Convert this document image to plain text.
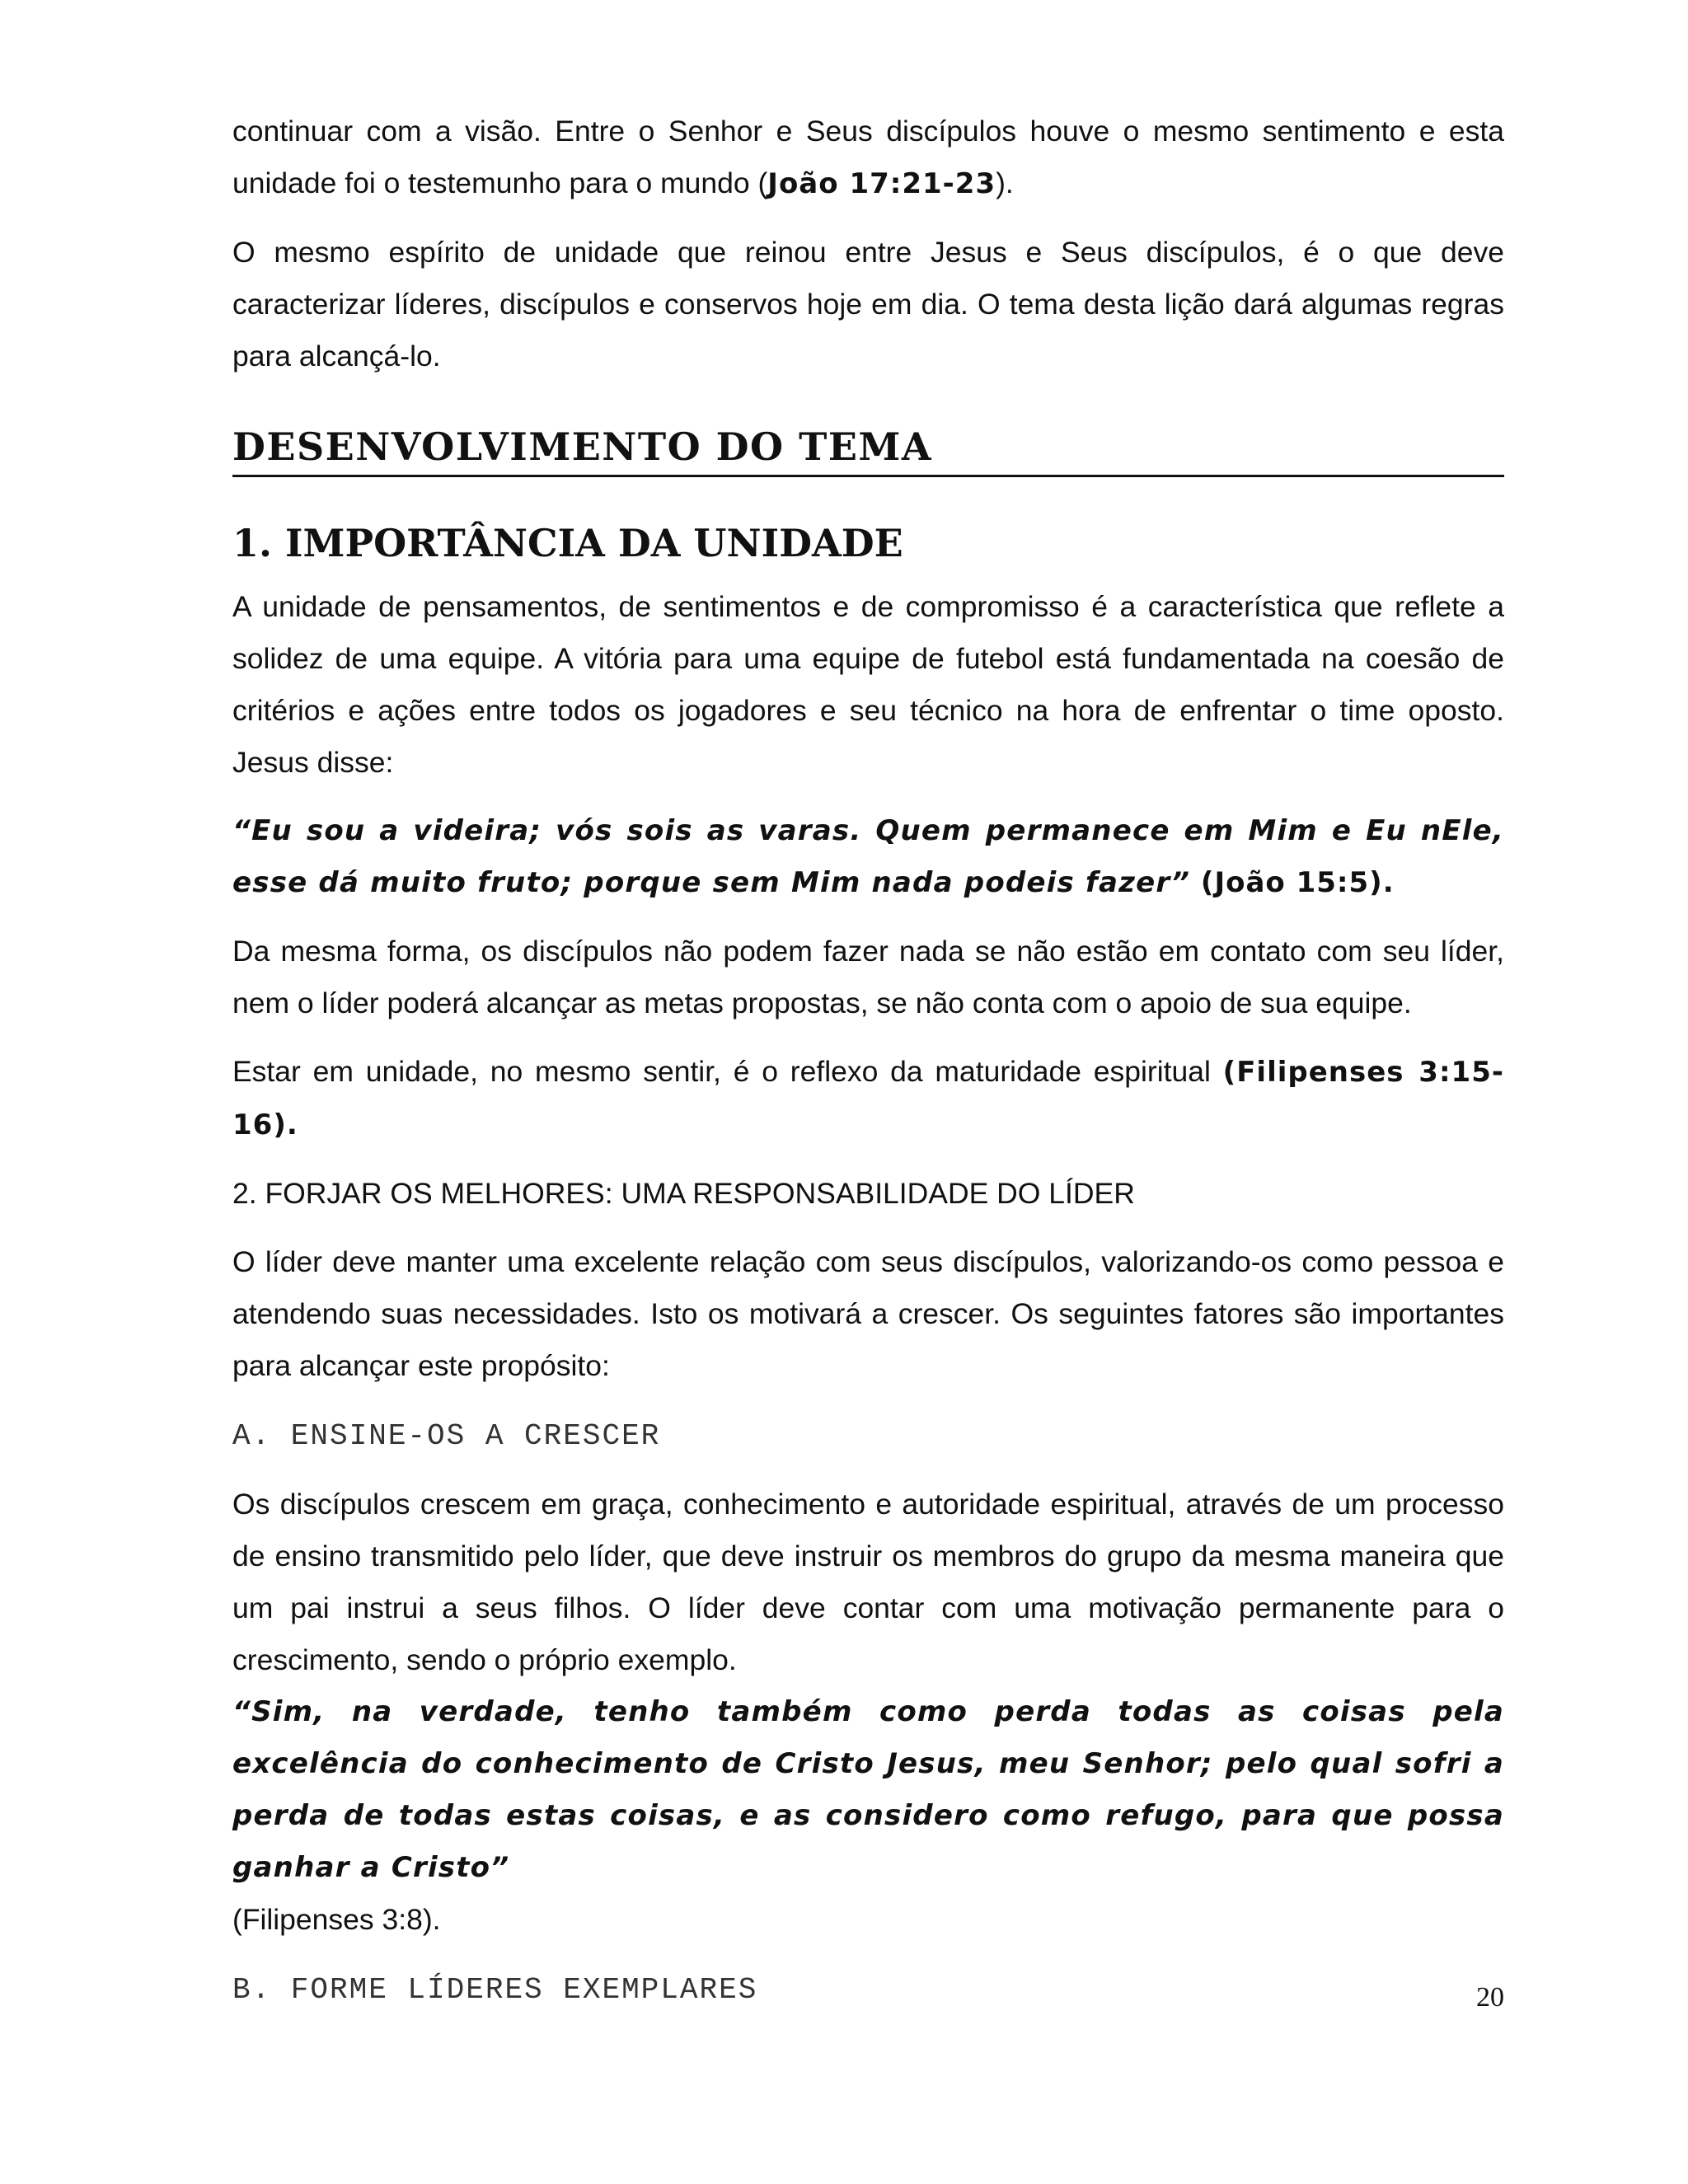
continuar com a visão. Entre o Senhor e Seus discípulos houve o mesmo sentimento e esta unidade foi o testemunho para o mundo (João 17:21-23).

O mesmo espírito de unidade que reinou entre Jesus e Seus discípulos, é o que deve caracterizar líderes, discípulos e conservos hoje em dia. O tema desta lição dará algumas regras para alcançá-lo.

DESENVOLVIMENTO DO TEMA
1. IMPORTÂNCIA DA UNIDADE

A unidade de pensamentos, de sentimentos e de compromisso é a característica que reflete a solidez de uma equipe. A vitória para uma equipe de futebol está fundamentada na coesão de critérios e ações entre todos os jogadores e seu técnico na hora de enfrentar o time oposto. Jesus disse:

“Eu sou a videira; vós sois as varas. Quem permanece em Mim e Eu nEle, esse dá muito fruto; porque sem Mim nada podeis fazer” (João 15:5).

Da mesma forma, os discípulos não podem fazer nada se não estão em contato com seu líder, nem o líder poderá alcançar as metas propostas, se não conta com o apoio de sua equipe.

Estar em unidade, no mesmo sentir, é o reflexo da maturidade espiritual (Filipenses 3:15-16).

2. FORJAR OS MELHORES: UMA RESPONSABILIDADE DO LÍDER

O líder deve manter uma excelente relação com seus discípulos, valorizando-os como pessoa e atendendo suas necessidades. Isto os motivará a crescer. Os seguintes fatores são importantes para alcançar este propósito:

A. ENSINE-OS A CRESCER

Os discípulos crescem em graça, conhecimento e autoridade espiritual, através de um processo de ensino transmitido pelo líder, que deve instruir os membros do grupo da mesma maneira que um pai instrui a seus filhos. O líder deve contar com uma motivação permanente para o crescimento, sendo o próprio exemplo.

“Sim, na verdade, tenho também como perda todas as coisas pela excelência do conhecimento de Cristo Jesus, meu Senhor; pelo qual sofri a perda de todas estas coisas, e as considero como refugo, para que possa ganhar a Cristo”

(Filipenses 3:8).

B. FORME LÍDERES EXEMPLARES	20
